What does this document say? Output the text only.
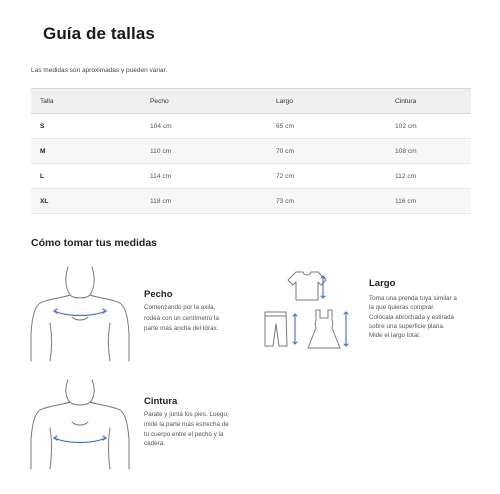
Guía de tallas
Las medidas son aproximadas y pueden variar.
Talla	Pecho	Largo	Cintura
S	104 cm	65 cm	102 cm
M	110 cm	70 cm	108 cm
L	114 cm	72 cm	112 cm
XL	118 cm	73 cm	116 cm
Cómo tomar tus medidas
Pecho
Comenzando por la axila,
rodeá con un centímetro la
parte más ancha del tórax.
Largo
Toma una prenda tuya similar a
la que quieras comprar.
Colócala abrochada y estirada
sobre una superficie plana.
Mide el largo total.
Cintura
Parate y juntá los pies. Luego,
midé la parte más estrecha de
tu cuerpo entre el pecho y la
cadera.
